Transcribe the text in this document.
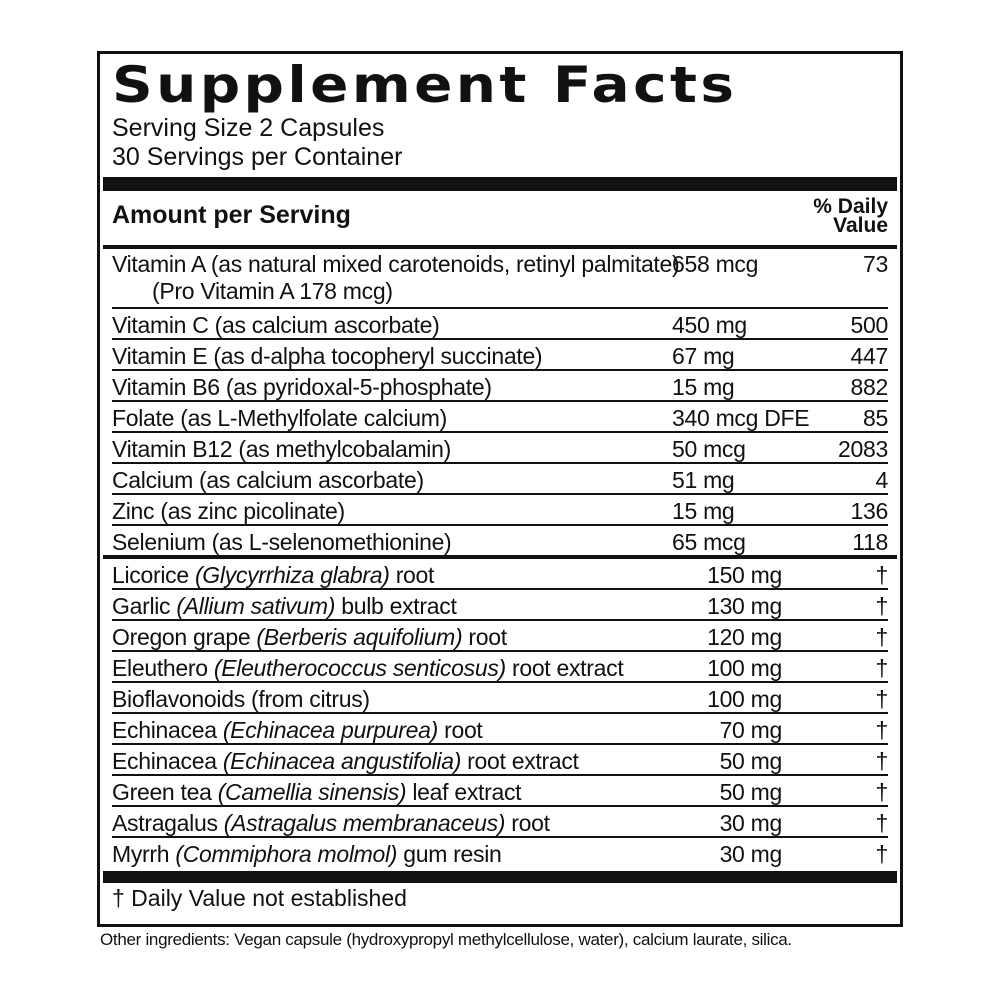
Supplement Facts
Serving Size 2 Capsules
30 Servings per Container
Amount per Serving	% Daily
Value
Vitamin A (as natural mixed carotenoids, retinyl palmitate)
(Pro Vitamin A 178 mcg)
658 mcg	73
Vitamin C (as calcium ascorbate)	450 mg	500
Vitamin E (as d-alpha tocopheryl succinate)	67 mg	447
Vitamin B6 (as pyridoxal-5-phosphate)	15 mg	882
Folate (as L-Methylfolate calcium)	340 mcg DFE	85
Vitamin B12 (as methylcobalamin)	50 mcg	2083
Calcium (as calcium ascorbate)	51 mg	4
Zinc (as zinc picolinate)	15 mg	136
Selenium (as L-selenomethionine)	65 mcg	118
Licorice (Glycyrrhiza glabra) root	150 mg	†
Garlic (Allium sativum) bulb extract	130 mg	†
Oregon grape (Berberis aquifolium) root	120 mg	†
Eleuthero (Eleutherococcus senticosus) root extract	100 mg	†
Bioflavonoids (from citrus)	100 mg	†
Echinacea (Echinacea purpurea) root	70 mg	†
Echinacea (Echinacea angustifolia) root extract	50 mg	†
Green tea (Camellia sinensis) leaf extract	50 mg	†
Astragalus (Astragalus membranaceus) root	30 mg	†
Myrrh (Commiphora molmol) gum resin	30 mg	†
† Daily Value not established
Other ingredients: Vegan capsule (hydroxypropyl methylcellulose, water), calcium laurate, silica.
